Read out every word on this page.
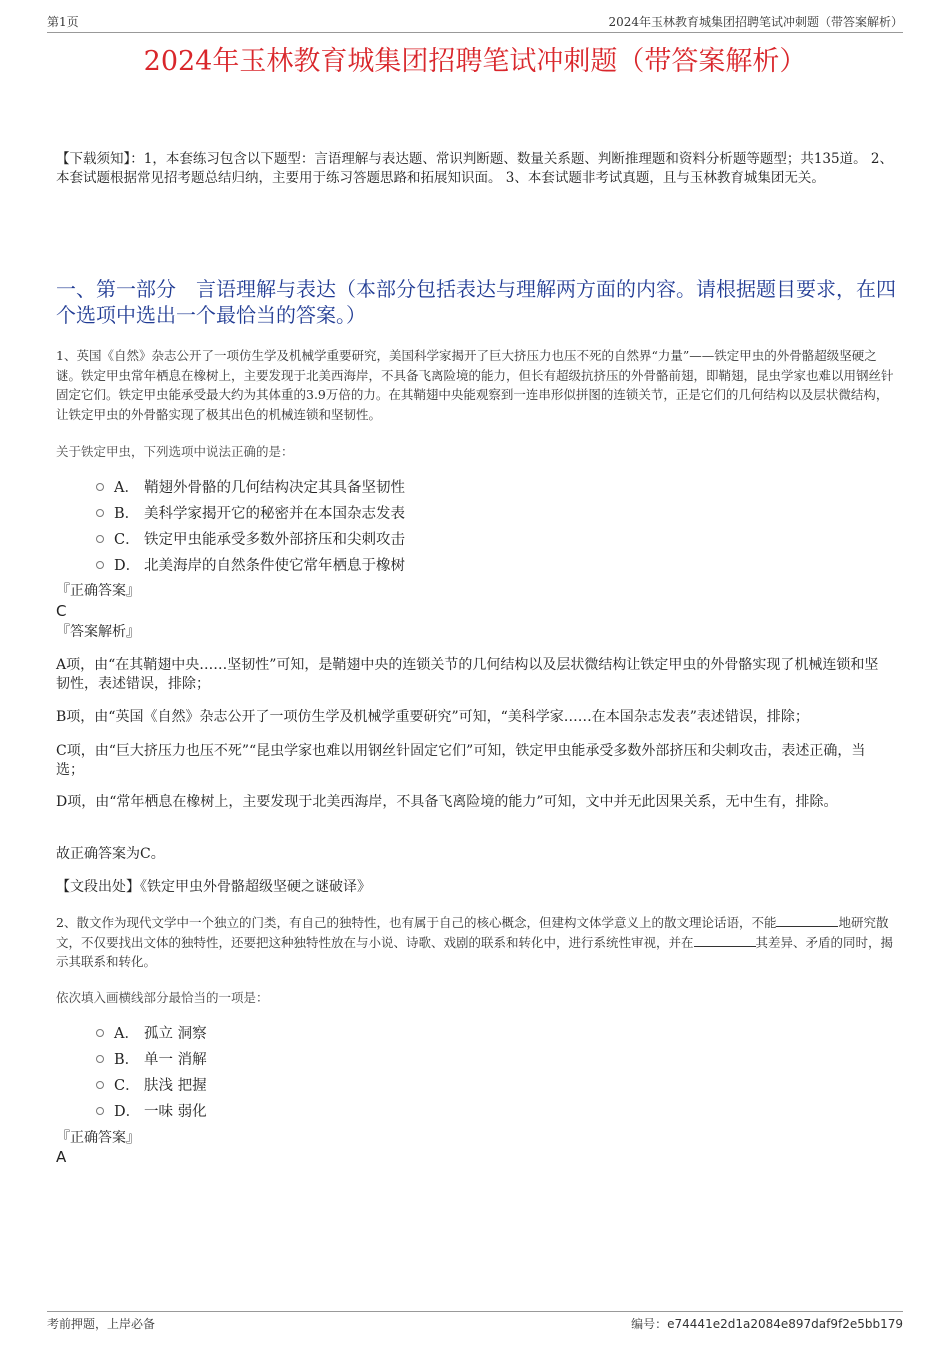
第1页	2024年玉林教育城集团招聘笔试冲刺题（带答案解析）
2024年玉林教育城集团招聘笔试冲刺题（带答案解析）
【下载须知】：1，本套练习包含以下题型：言语理解与表达题、常识判断题、数量关系题、判断推理题和资料分析题等题型；共135道。 2、本套试题根据常见招考题总结归纳，主要用于练习答题思路和拓展知识面。 3、本套试题非考试真题，且与玉林教育城集团无关。
一、第一部分　言语理解与表达（本部分包括表达与理解两方面的内容。请根据题目要求，在四个选项中选出一个最恰当的答案。）

1、英国《自然》杂志公开了一项仿生学及机械学重要研究，美国科学家揭开了巨大挤压力也压不死的自然界“力量”——铁定甲虫的外骨骼超级坚硬之谜。铁定甲虫常年栖息在橡树上，主要发现于北美西海岸，不具备飞离险境的能力，但长有超级抗挤压的外骨骼前翅，即鞘翅，昆虫学家也难以用钢丝针固定它们。铁定甲虫能承受最大约为其体重的3.9万倍的力。在其鞘翅中央能观察到一连串形似拼图的连锁关节，正是它们的几何结构以及层状微结构，让铁定甲虫的外骨骼实现了极其出色的机械连锁和坚韧性。

关于铁定甲虫，下列选项中说法正确的是：

A． 鞘翅外骨骼的几何结构决定其具备坚韧性
B． 美科学家揭开它的秘密并在本国杂志发表
C． 铁定甲虫能承受多数外部挤压和尖刺攻击
D． 北美海岸的自然条件使它常年栖息于橡树
『正确答案』
C
『答案解析』

A项，由“在其鞘翅中央……坚韧性”可知，是鞘翅中央的连锁关节的几何结构以及层状微结构让铁定甲虫的外骨骼实现了机械连锁和坚韧性，表述错误，排除；

B项，由“英国《自然》杂志公开了一项仿生学及机械学重要研究”可知，“美科学家……在本国杂志发表”表述错误，排除；

C项，由“巨大挤压力也压不死”“昆虫学家也难以用钢丝针固定它们”可知，铁定甲虫能承受多数外部挤压和尖刺攻击，表述正确，当选；

D项，由“常年栖息在橡树上，主要发现于北美西海岸，不具备飞离险境的能力”可知，文中并无此因果关系，无中生有，排除。

故正确答案为C。

【文段出处】《铁定甲虫外骨骼超级坚硬之谜破译》

2、散文作为现代文学中一个独立的门类，有自己的独特性，也有属于自己的核心概念，但建构文体学意义上的散文理论话语，不能	地研究散文，不仅要找出文体的独特性，还要把这种独特性放在与小说、诗歌、戏剧的联系和转化中，进行系统性审视，并在	其差异、矛盾的同时，揭示其联系和转化。

依次填入画横线部分最恰当的一项是：

A． 孤立 洞察
B． 单一 消解
C． 肤浅 把握
D． 一味 弱化
『正确答案』
A
考前押题，上岸必备	编号：e74441e2d1a2084e897daf9f2e5bb179
